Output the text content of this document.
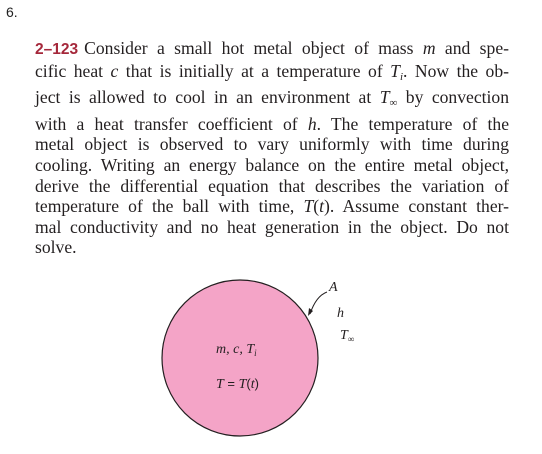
6.
2–123 Consider a small hot metal object of mass m and spe-
cific heat c that is initially at a temperature of $T_i$. Now the ob-
ject is allowed to cool in an environment at $T_\infty$ by convection
with a heat transfer coefficient of h. The temperature of the
metal object is observed to vary uniformly with time during
cooling. Writing an energy balance on the entire metal object,
derive the differential equation that describes the variation of
temperature of the ball with time, T(t). Assume constant ther-
mal conductivity and no heat generation in the object. Do not
solve.
A
h
$T_\infty$
m, c, $T_i$
T = T(t)
